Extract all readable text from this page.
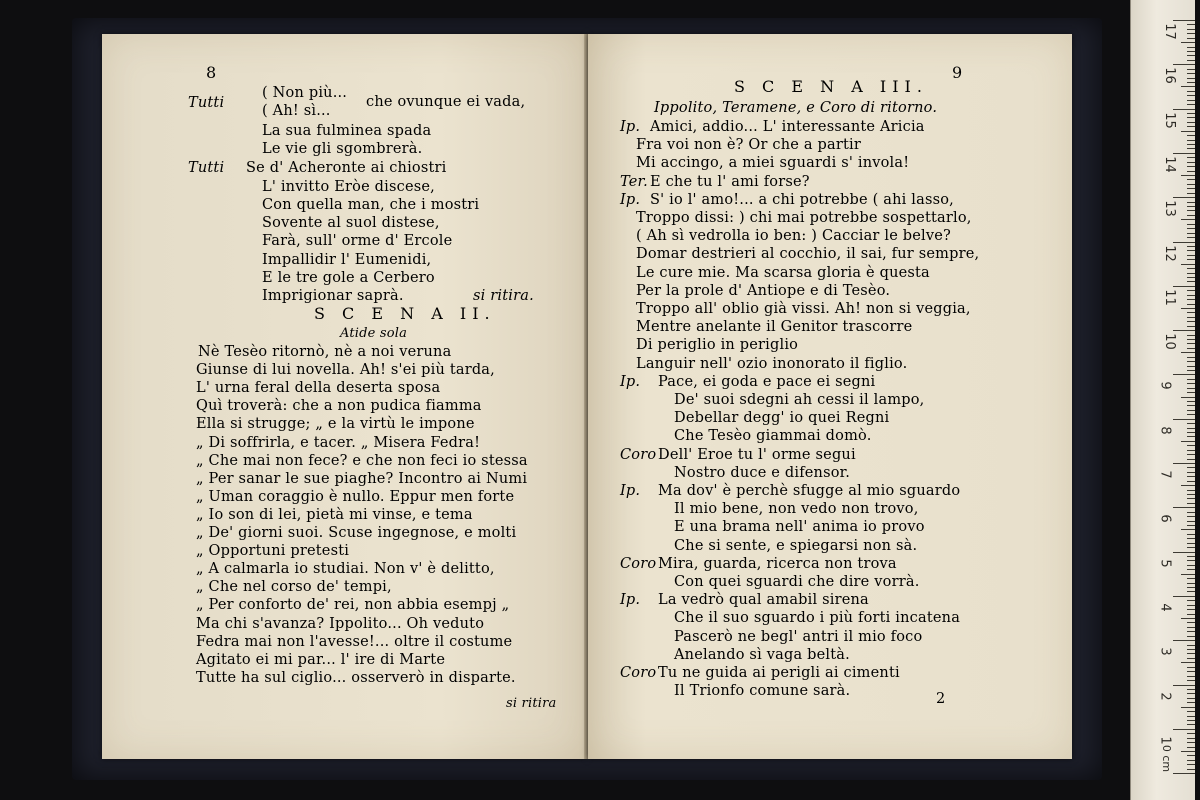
8
Tutti
( Non più...
( Ah! sì...
che ovunque ei vada,
La sua fulminea spada
Le vie gli sgombrerà.
Tutti Se d' Acheronte ai chiostri
L' invitto Eròe discese,
Con quella man, che i mostri
Sovente al suol distese,
Farà, sull' orme d' Ercole
Impallidir l' Eumenidi,
E le tre gole a Cerbero
Imprigionar saprà.	si ritira.
S C E N A II.
Atide sola
Nè Tesèo ritornò, nè a noi veruna
Giunse di lui novella. Ah! s'ei più tarda,
L' urna feral della deserta sposa
Quì troverà: che a non pudica fiamma
Ella si strugge; „ e la virtù le impone
„ Di soffrirla, e tacer. „ Misera Fedra!
„ Che mai non fece? e che non feci io stessa
„ Per sanar le sue piaghe? Incontro ai Numi
„ Uman coraggio è nullo. Eppur men forte
„ Io son di lei, pietà mi vinse, e tema
„ De' giorni suoi. Scuse ingegnose, e molti
„ Opportuni pretesti
„ A calmarla io studiai. Non v' è delitto,
„ Che nel corso de' tempi,
„ Per conforto de' rei, non abbia esempj „
Ma chi s'avanza? Ippolito... Oh veduto
Fedra mai non l'avesse!... oltre il costume
Agitato ei mi par... l' ire di Marte
Tutte ha sul ciglio... osserverò in disparte.
si ritira
9
S C E N A III.
Ippolito, Teramene, e Coro di ritorno.
Ip. Amici, addio... L' interessante Aricia
Fra voi non è? Or che a partir
Mi accingo, a miei sguardi s' invola!
Ter. E che tu l' ami forse?
Ip. S' io l' amo!... a chi potrebbe ( ahi lasso,
Troppo dissi: ) chi mai potrebbe sospettarlo,
( Ah sì vedrolla io ben: ) Cacciar le belve?
Domar destrieri al cocchio, il sai, fur sempre,
Le cure mie. Ma scarsa gloria è questa
Per la prole d' Antiope e di Tesèo.
Troppo all' oblio già vissi. Ah! non si veggia,
Mentre anelante il Genitor trascorre
Di periglio in periglio
Languir nell' ozio inonorato il figlio.
Ip. Pace, ei goda e pace ei segni
De' suoi sdegni ah cessi il lampo,
Debellar degg' io quei Regni
Che Tesèo giammai domò.
Coro Dell' Eroe tu l' orme segui
Nostro duce e difensor.
Ip. Ma dov' è perchè sfugge al mio sguardo
Il mio bene, non vedo non trovo,
E una brama nell' anima io provo
Che si sente, e spiegarsi non sà.
Coro Mira, guarda, ricerca non trova
Con quei sguardi che dire vorrà.
Ip. La vedrò qual amabil sirena
Che il suo sguardo i più forti incatena
Pascerò ne begl' antri il mio foco
Anelando sì vaga beltà.
Coro Tu ne guida ai perigli ai cimenti
Il Trionfo comune sarà.	2
17
16
15
14
13
12
11
10
9
8
7
6
5
4
3
2
1
0 cm
